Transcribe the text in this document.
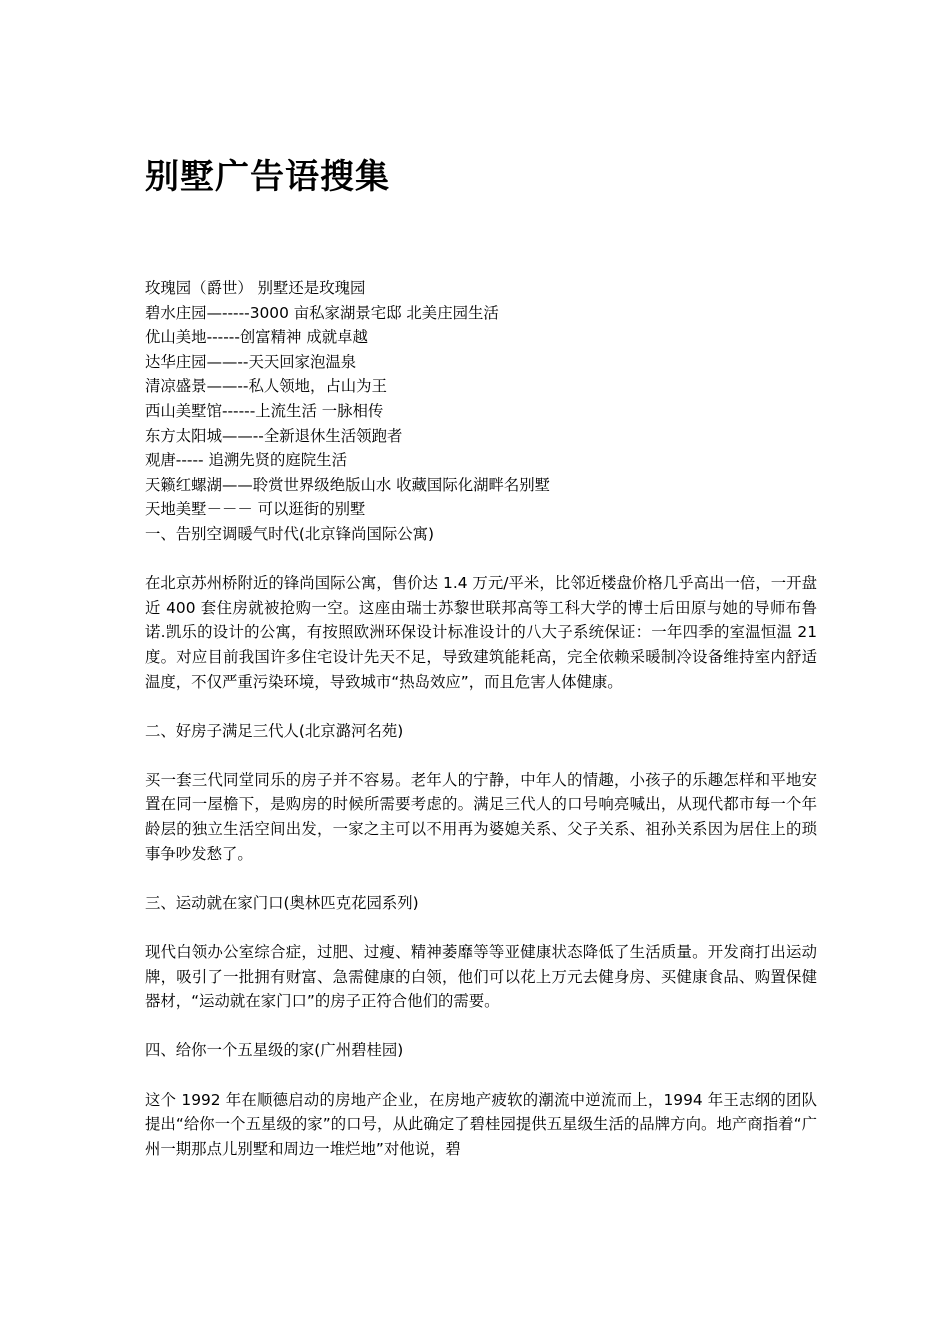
别墅广告语搜集
玫瑰园（爵世） 别墅还是玫瑰园
碧水庄园—-----3000 亩私家湖景宅邸 北美庄园生活
优山美地------创富精神 成就卓越
达华庄园——--天天回家泡温泉
清凉盛景——--私人领地，占山为王
西山美墅馆------上流生活 一脉相传
东方太阳城——--全新退休生活领跑者
观唐----- 追溯先贤的庭院生活
天籁红螺湖——聆赏世界级绝版山水 收藏国际化湖畔名别墅
天地美墅－－－ 可以逛街的别墅
一、告别空调暖气时代(北京锋尚国际公寓)

在北京苏州桥附近的锋尚国际公寓，售价达 1.4 万元/平米，比邻近楼盘价格几乎高出一倍，一开盘近 400 套住房就被抢购一空。这座由瑞士苏黎世联邦高等工科大学的博士后田原与她的导师布鲁诺.凯乐的设计的公寓，有按照欧洲环保设计标准设计的八大子系统保证：一年四季的室温恒温 21 度。对应目前我国许多住宅设计先天不足，导致建筑能耗高，完全依赖采暖制冷设备维持室内舒适温度，不仅严重污染环境，导致城市“热岛效应”，而且危害人体健康。

二、好房子满足三代人(北京潞河名苑)

买一套三代同堂同乐的房子并不容易。老年人的宁静，中年人的情趣，小孩子的乐趣怎样和平地安置在同一屋檐下，是购房的时候所需要考虑的。满足三代人的口号响亮喊出，从现代都市每一个年龄层的独立生活空间出发，一家之主可以不用再为婆媳关系、父子关系、祖孙关系因为居住上的琐事争吵发愁了。

三、运动就在家门口(奥林匹克花园系列)

现代白领办公室综合症，过肥、过瘦、精神萎靡等等亚健康状态降低了生活质量。开发商打出运动牌，吸引了一批拥有财富、急需健康的白领，他们可以花上万元去健身房、买健康食品、购置保健器材，“运动就在家门口”的房子正符合他们的需要。

四、给你一个五星级的家(广州碧桂园)

这个 1992 年在顺德启动的房地产企业，在房地产疲软的潮流中逆流而上，1994 年王志纲的团队提出“给你一个五星级的家”的口号，从此确定了碧桂园提供五星级生活的品牌方向。地产商指着“广州一期那点儿别墅和周边一堆烂地”对他说，碧
